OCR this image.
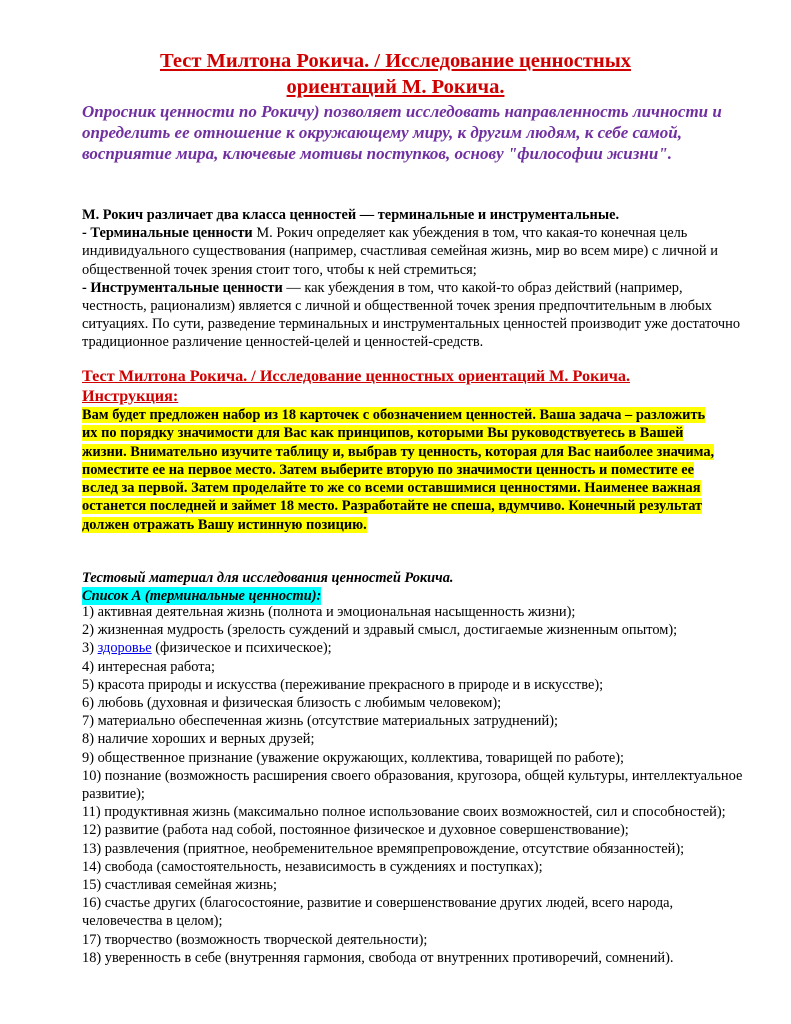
Тест Милтона Рокича. / Исследование ценностных
ориентаций М. Рокича.
Опросник ценности по Рокичу) позволяет исследовать направленность личности и определить ее отношение к окружающему миру, к другим людям, к себе самой, восприятие мира, ключевые мотивы поступков, основу "философии жизни".
М. Рокич различает два класса ценностей — терминальные и инструментальные.
- Терминальные ценности М. Рокич определяет как убеждения в том, что какая-то конечная цель индивидуального существования (например, счастливая семейная жизнь, мир во всем мире) с личной и общественной точек зрения стоит того, чтобы к ней стремиться;
- Инструментальные ценности — как убеждения в том, что какой-то образ действий (например, честность, рационализм) является с личной и общественной точек зрения предпочтительным в любых ситуациях. По сути, разведение терминальных и инструментальных ценностей производит уже достаточно традиционное различение ценностей-целей и ценностей-средств.
Тест Милтона Рокича. / Исследование ценностных ориентаций М. Рокича.
Инструкция:
Вам будет предложен набор из 18 карточек с обозначением ценностей. Ваша задача – разложить их по порядку значимости для Вас как принципов, которыми Вы руководствуетесь в Вашей жизни. Внимательно изучите таблицу и, выбрав ту ценность, которая для Вас наиболее значима, поместите ее на первое место. Затем выберите вторую по значимости ценность и поместите ее вслед за первой. Затем проделайте то же со всеми оставшимися ценностями. Наименее важная останется последней и займет 18 место. Разработайте не спеша, вдумчиво. Конечный результат должен отражать Вашу истинную позицию.
Тестовый материал для исследования ценностей Рокича.
Список А (терминальные ценности):
1) активная деятельная жизнь (полнота и эмоциональная насыщенность жизни);
2) жизненная мудрость (зрелость суждений и здравый смысл, достигаемые жизненным опытом);
3) здоровье (физическое и психическое);
4) интересная работа;
5) красота природы и искусства (переживание прекрасного в природе и в искусстве);
6) любовь (духовная и физическая близость с любимым человеком);
7) материально обеспеченная жизнь (отсутствие материальных затруднений);
8) наличие хороших и верных друзей;
9) общественное признание (уважение окружающих, коллектива, товарищей по работе);
10) познание (возможность расширения своего образования, кругозора, общей культуры, интеллектуальное развитие);
11) продуктивная жизнь (максимально полное использование своих возможностей, сил и способностей);
12) развитие (работа над собой, постоянное физическое и духовное совершенствование);
13) развлечения (приятное, необременительное времяпрепровождение, отсутствие обязанностей);
14) свобода (самостоятельность, независимость в суждениях и поступках);
15) счастливая семейная жизнь;
16) счастье других (благосостояние, развитие и совершенствование других людей, всего народа, человечества в целом);
17) творчество (возможность творческой деятельности);
18) уверенность в себе (внутренняя гармония, свобода от внутренних противоречий, сомнений).
